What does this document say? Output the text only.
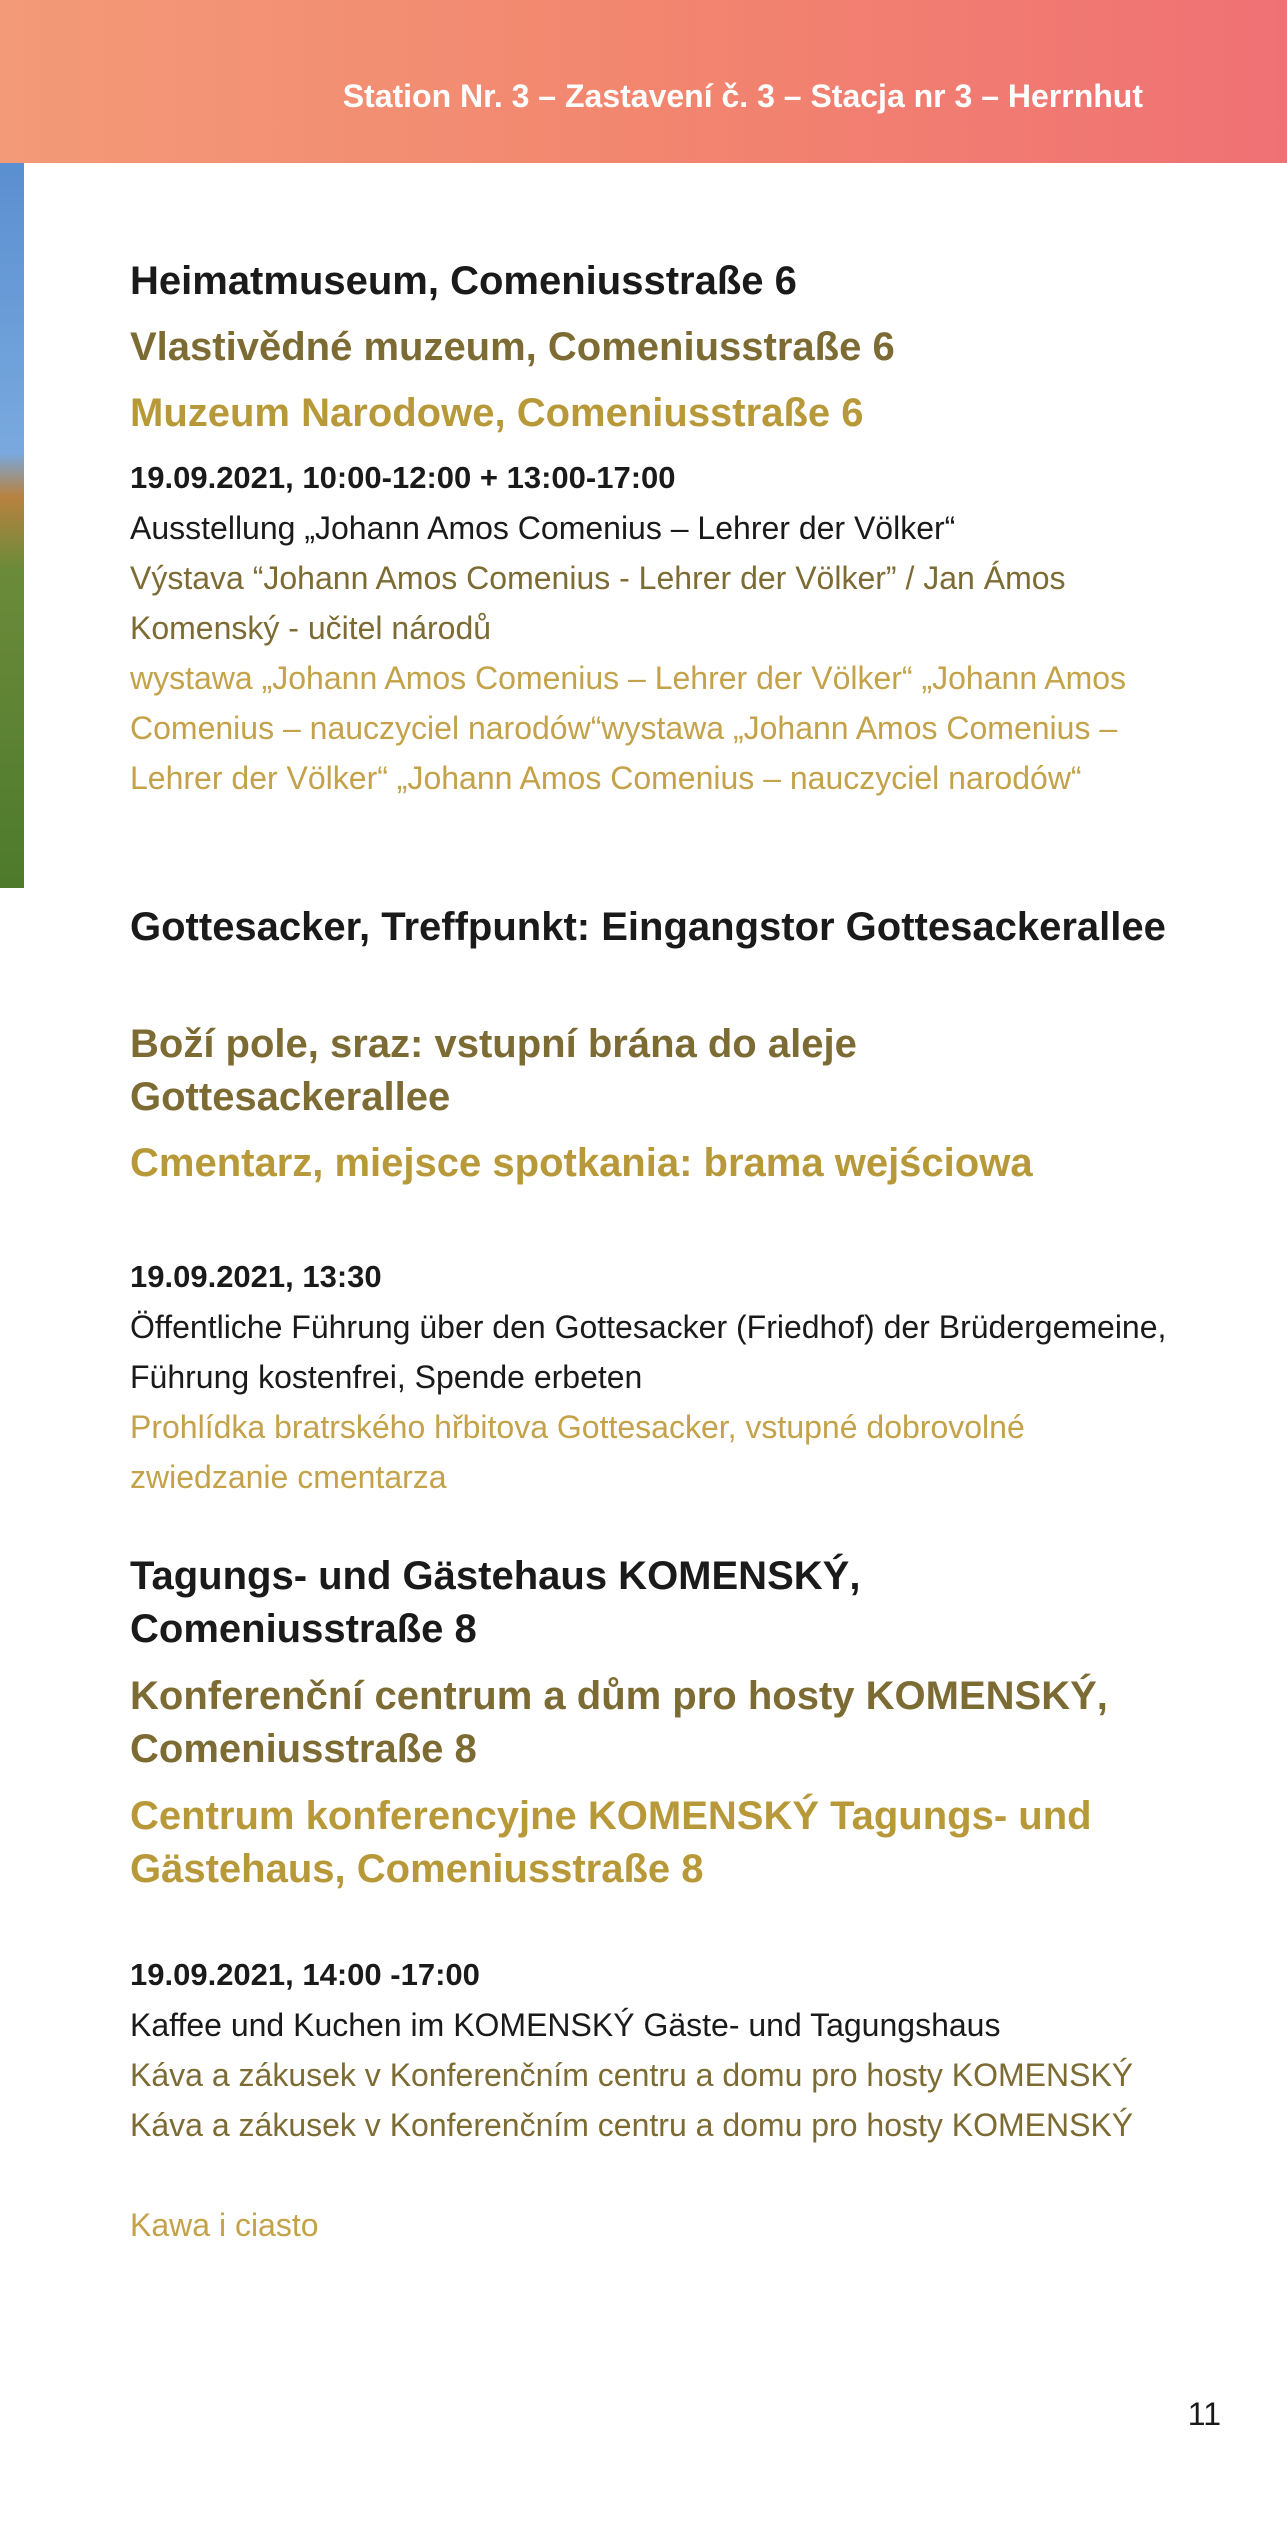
Station Nr. 3 – Zastavení č. 3 – Stacja nr 3 – Herrnhut
Heimatmuseum, Comeniusstraße 6
Vlastivědné muzeum, Comeniusstraße 6
Muzeum Narodowe, Comeniusstraße 6
19.09.2021, 10:00-12:00 + 13:00-17:00
Ausstellung „Johann Amos Comenius – Lehrer der Völker“
Výstava “Johann Amos Comenius - Lehrer der Völker” / Jan Ámos Komenský - učitel národů
wystawa „Johann Amos Comenius – Lehrer der Völker“ „Johann Amos Comenius – nauczyciel narodów“wystawa „Johann Amos Comenius – Lehrer der Völker“ „Johann Amos Comenius – nauczyciel narodów“
Gottesacker, Treffpunkt: Eingangstor Gottesackerallee
Boží pole, sraz: vstupní brána do aleje Gottesackerallee
Cmentarz, miejsce spotkania: brama wejściowa
19.09.2021, 13:30
Öffentliche Führung über den Gottesacker (Friedhof) der Brüdergemeine, Führung kostenfrei, Spende erbeten
Prohlídka bratrského hřbitova Gottesacker, vstupné dobrovolné
zwiedzanie cmentarza
Tagungs- und Gästehaus KOMENSKÝ, Comeniusstraße 8
Konferenční centrum a dům pro hosty KOMENSKÝ, Comeniusstraße 8
Centrum konferencyjne KOMENSKÝ Tagungs- und Gästehaus, Comeniusstraße 8
19.09.2021, 14:00 -17:00
Kaffee und Kuchen im KOMENSKÝ Gäste- und Tagungshaus
Káva a zákusek v Konferenčním centru a domu pro hosty KOMENSKÝ Káva a zákusek v Konferenčním centru a domu pro hosty KOMENSKÝ
Kawa i ciasto
11
